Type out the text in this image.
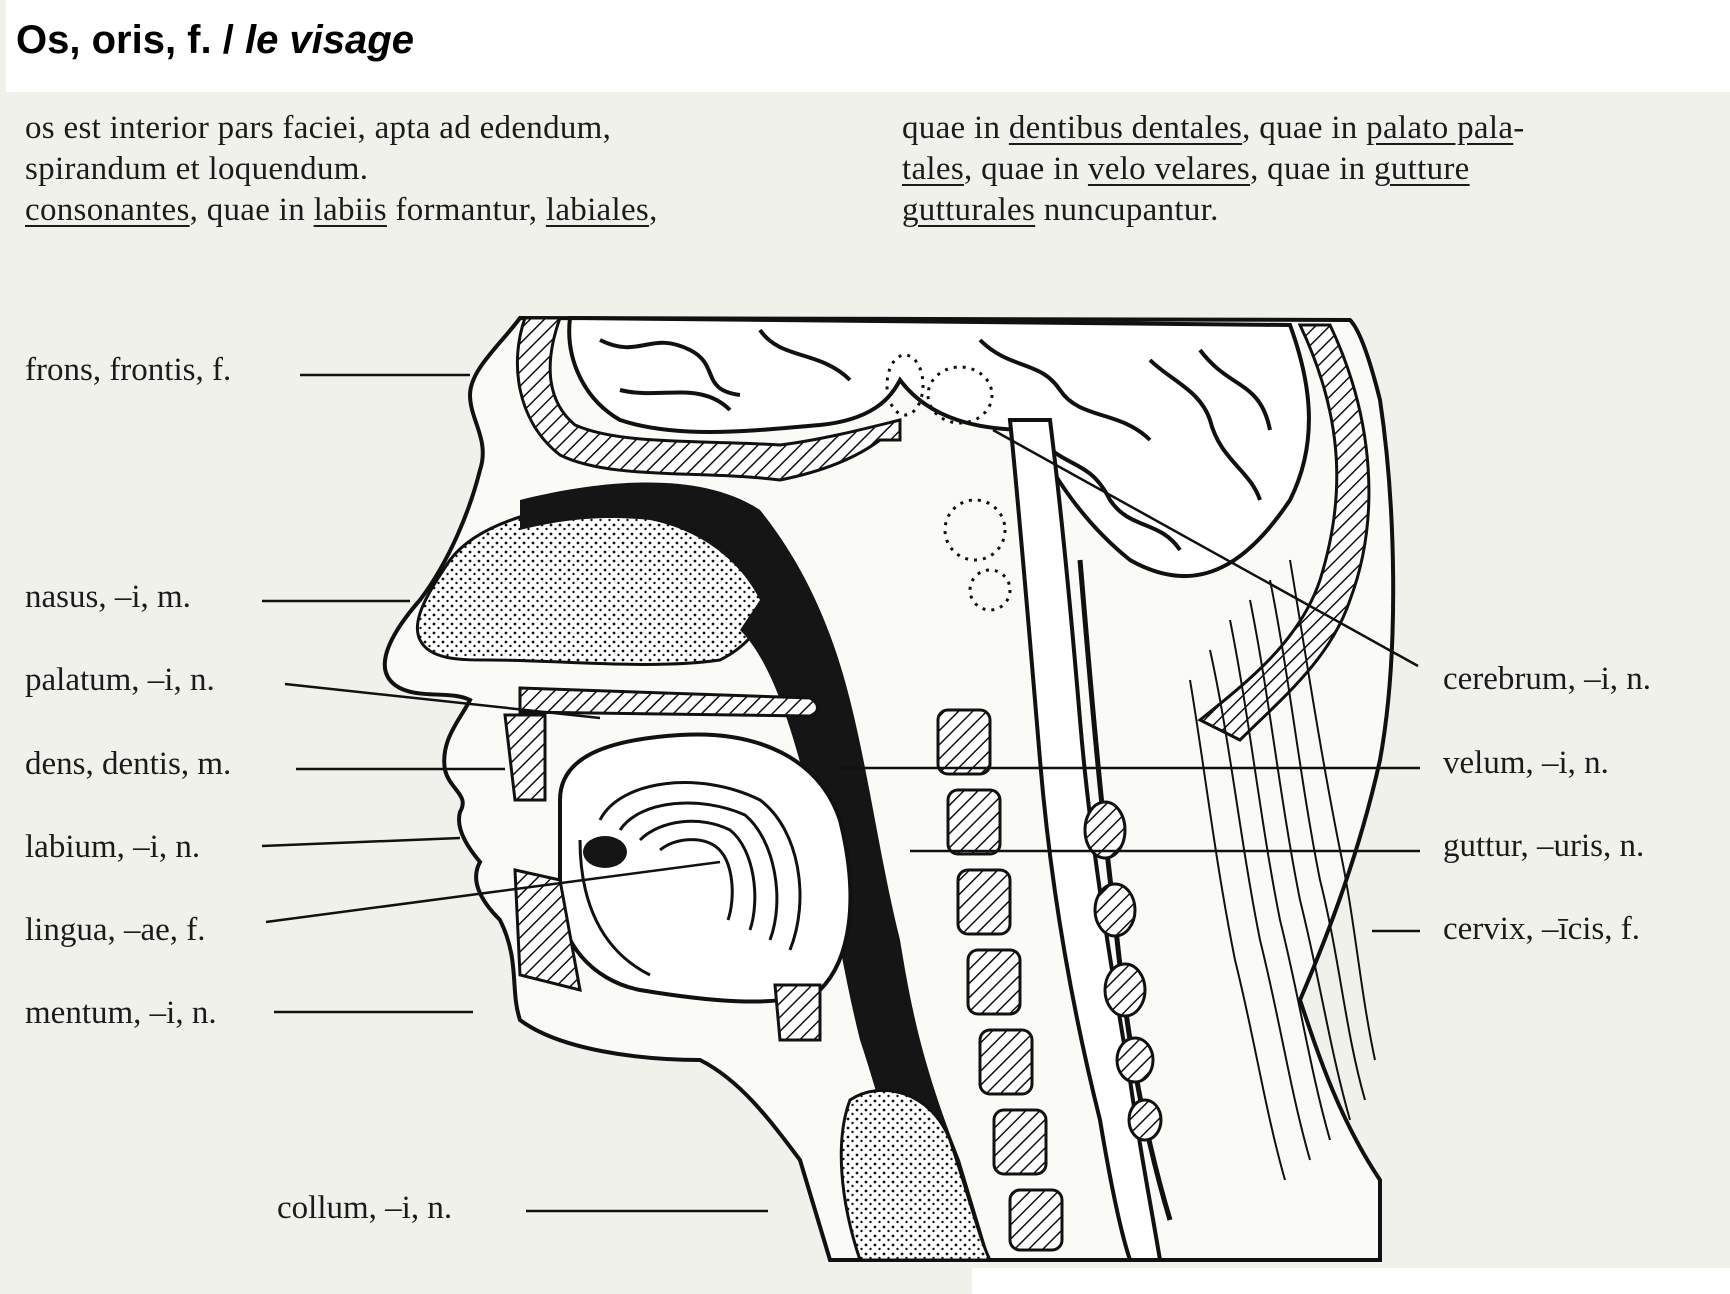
Os, oris, f. / le visage
os est interior pars faciei, apta ad edendum,
spirandum et loquendum.
consonantes, quae in labiis formantur, labiales,
quae in dentibus dentales, quae in palato pala-
tales, quae in velo velares, quae in gutture
gutturales nuncupantur.
frons, frontis, f.
nasus, –i, m.
palatum, –i, n.
dens, dentis, m.
labium, –i, n.
lingua, –ae, f.
mentum, –i, n.
collum, –i, n.
cerebrum, –i, n.
velum, –i, n.
guttur, –uris, n.
cervix, –īcis, f.
